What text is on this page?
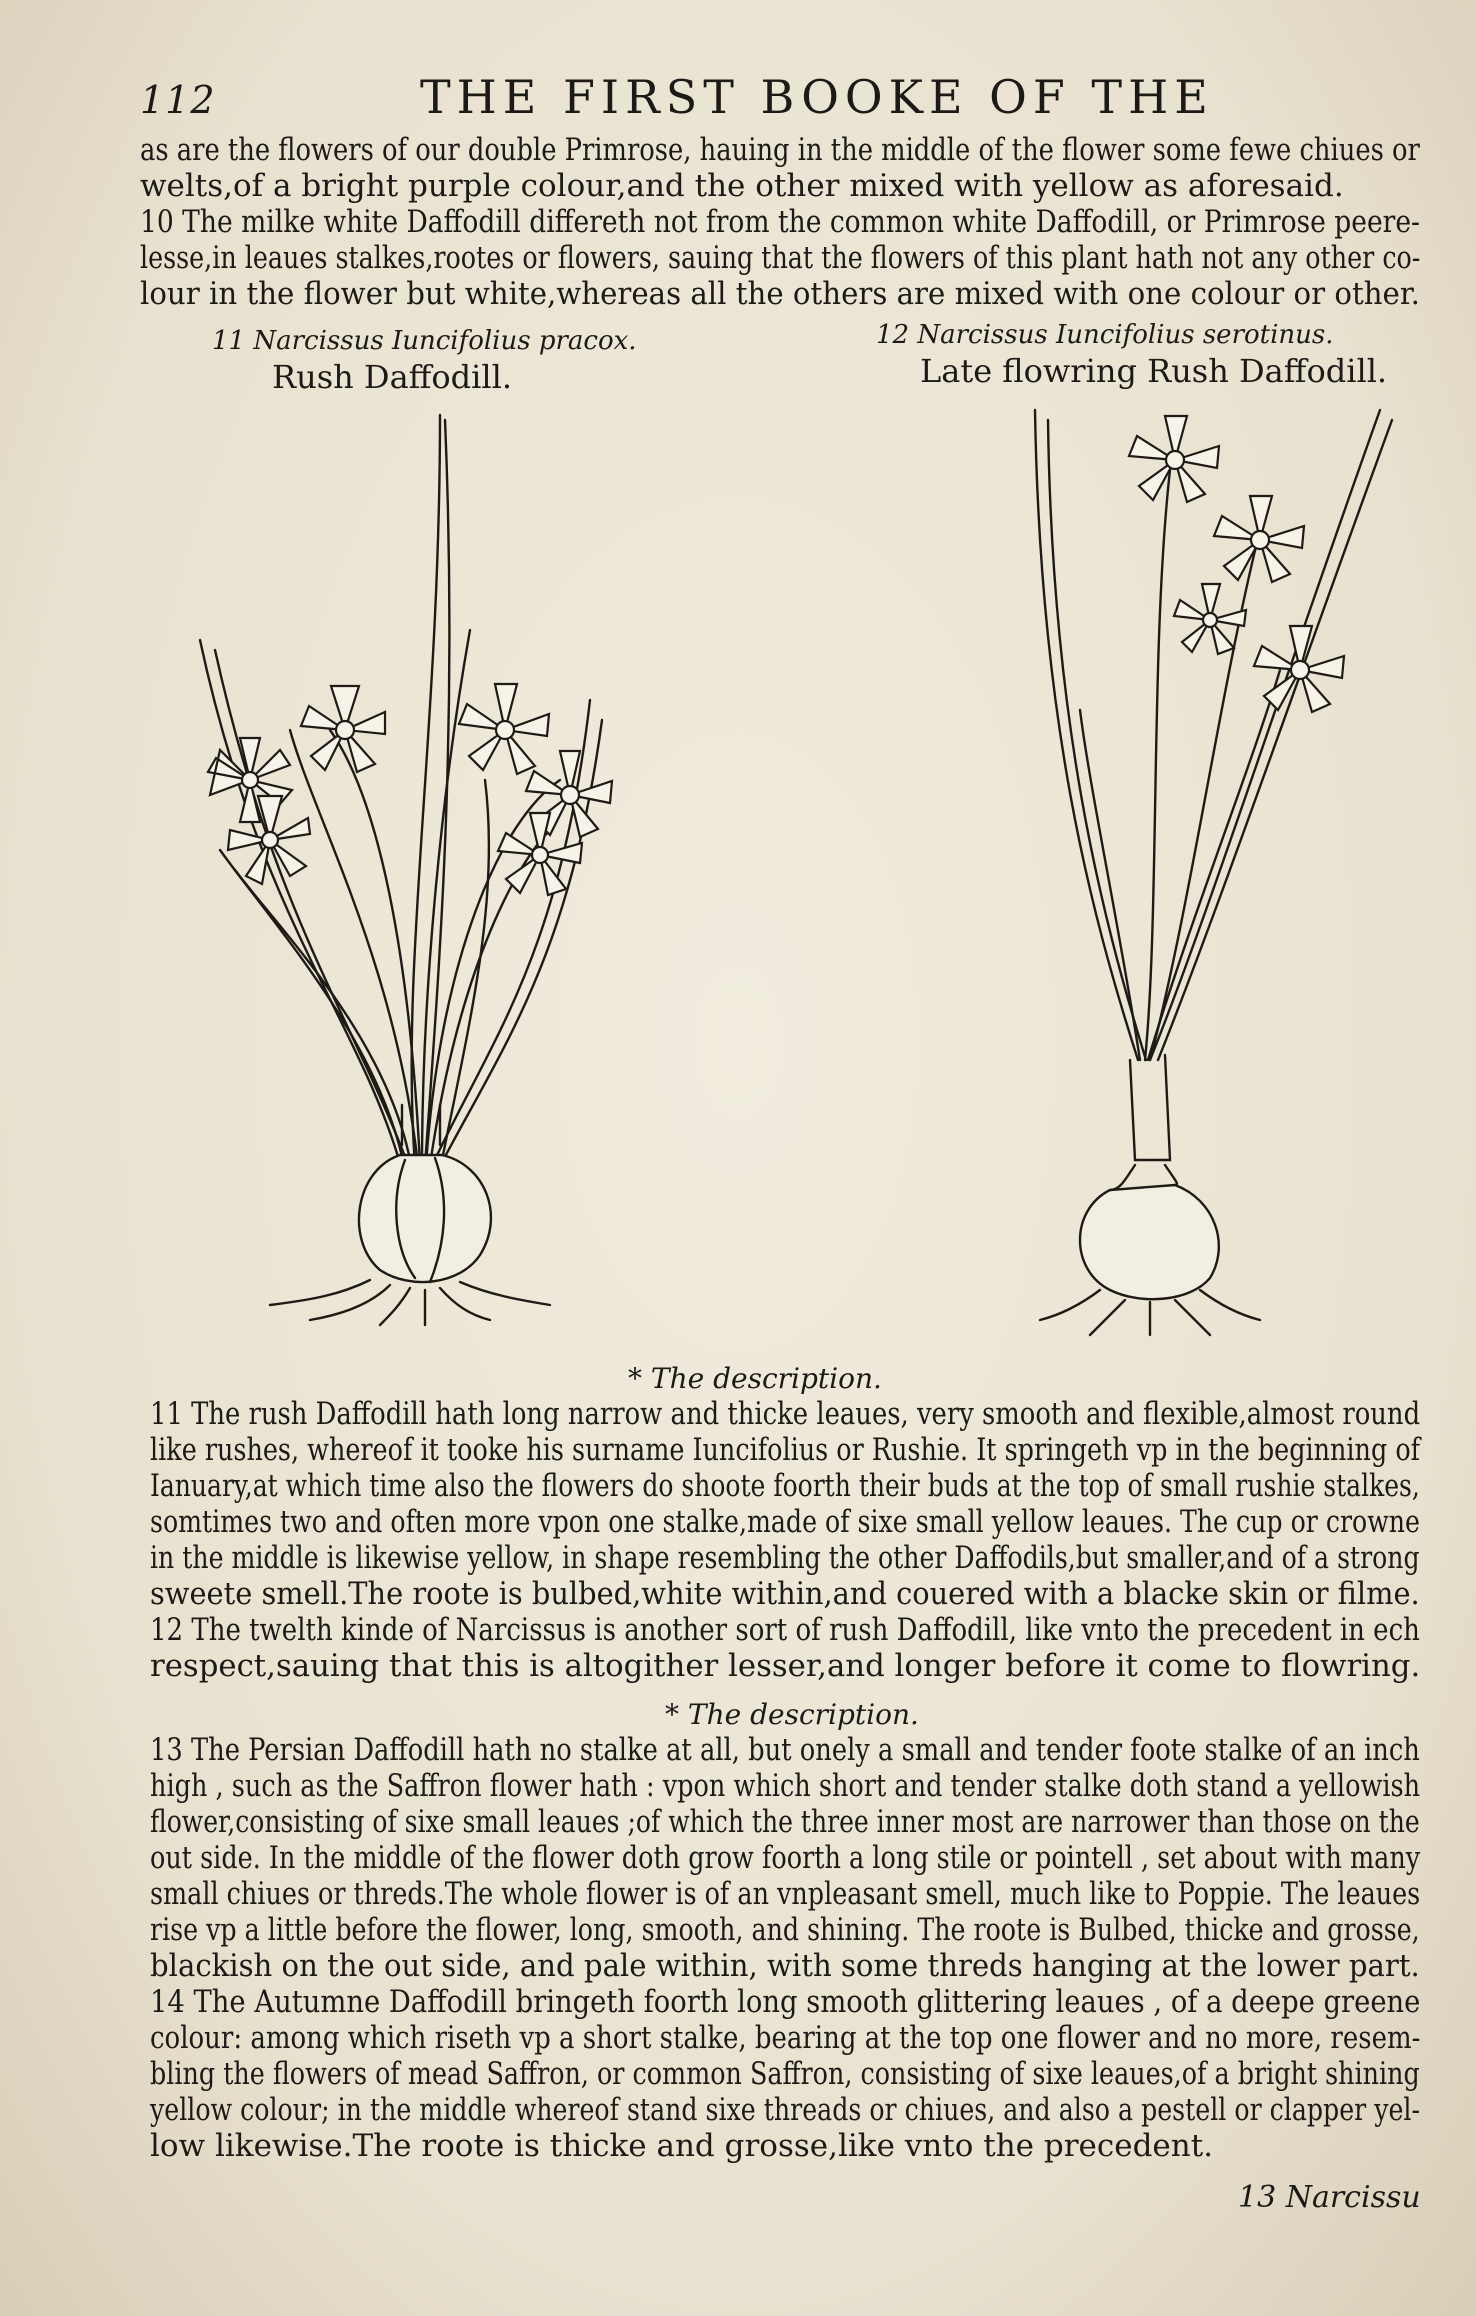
112	THE FIRST BOOKE OF THE
as are the flowers of our double Primrose, hauing in the middle of the flower some fewe chiues or
welts,of a bright purple colour,and the other mixed with yellow as aforesaid.
10 The milke white Daffodill differeth not from the common white Daffodill, or Primrose peere-
lesse,in leaues stalkes,rootes or flowers, sauing that the flowers of this plant hath not any other co-
lour in the flower but white,whereas all the others are mixed with one colour or other.
11 Narcissus Iuncifolius pracox.
Rush Daffodill.
12 Narcissus Iuncifolius serotinus.
Late flowring Rush Daffodill.
* The description.
11 The rush Daffodill hath long narrow and thicke leaues, very smooth and flexible,almost round
like rushes, whereof it tooke his surname Iuncifolius or Rushie. It springeth vp in the beginning of
Ianuary,at which time also the flowers do shoote foorth their buds at the top of small rushie stalkes,
somtimes two and often more vpon one stalke,made of sixe small yellow leaues. The cup or crowne
in the middle is likewise yellow, in shape resembling the other Daffodils,but smaller,and of a strong
sweete smell.The roote is bulbed,white within,and couered with a blacke skin or filme.
12 The twelth kinde of Narcissus is another sort of rush Daffodill, like vnto the precedent in ech
respect,sauing that this is altogither lesser,and longer before it come to flowring.
* The description.
13 The Persian Daffodill hath no stalke at all, but onely a small and tender foote stalke of an inch
high , such as the Saffron flower hath : vpon which short and tender stalke doth stand a yellowish
flower,consisting of sixe small leaues ;of which the three inner most are narrower than those on the
out side. In the middle of the flower doth grow foorth a long stile or pointell , set about with many
small chiues or threds.The whole flower is of an vnpleasant smell, much like to Poppie. The leaues
rise vp a little before the flower, long, smooth, and shining. The roote is Bulbed, thicke and grosse,
blackish on the out side, and pale within, with some threds hanging at the lower part.
14 The Autumne Daffodill bringeth foorth long smooth glittering leaues , of a deepe greene
colour: among which riseth vp a short stalke, bearing at the top one flower and no more, resem-
bling the flowers of mead Saffron, or common Saffron, consisting of sixe leaues,of a bright shining
yellow colour; in the middle whereof stand sixe threads or chiues, and also a pestell or clapper yel-
low likewise.The roote is thicke and grosse,like vnto the precedent.
13 Narcissu
